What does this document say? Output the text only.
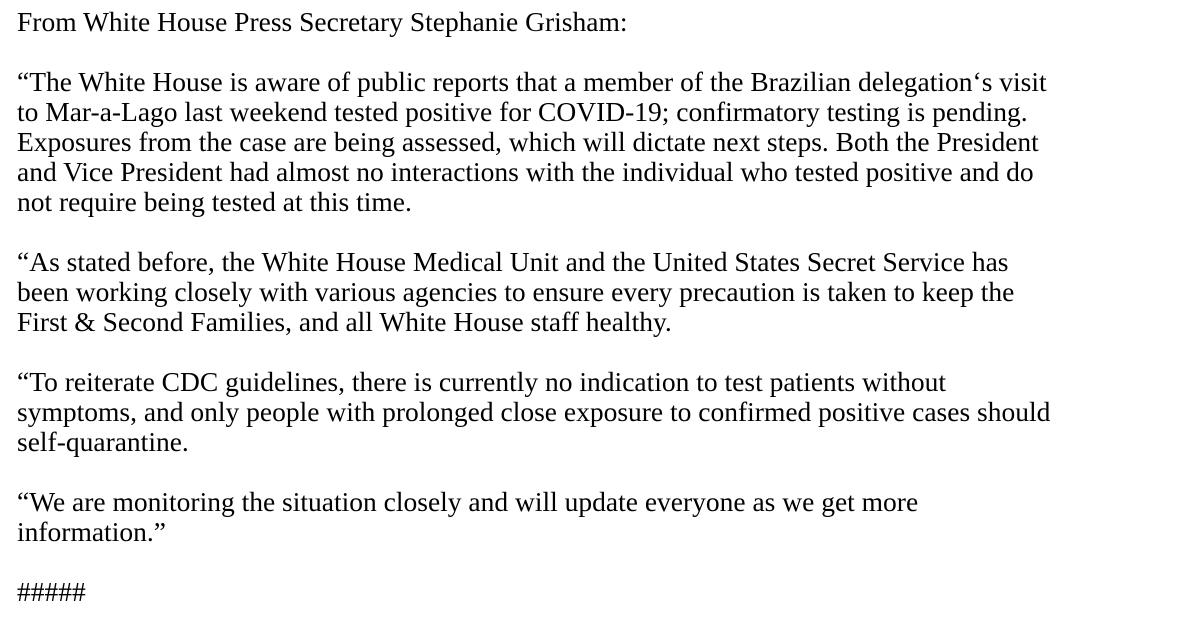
From White House Press Secretary Stephanie Grisham:

“The White House is aware of public reports that a member of the Brazilian delegation‘s visit
to Mar-a-Lago last weekend tested positive for COVID-19; confirmatory testing is pending.
Exposures from the case are being assessed, which will dictate next steps. Both the President
and Vice President had almost no interactions with the individual who tested positive and do
not require being tested at this time.

“As stated before, the White House Medical Unit and the United States Secret Service has
been working closely with various agencies to ensure every precaution is taken to keep the
First & Second Families, and all White House staff healthy.

“To reiterate CDC guidelines, there is currently no indication to test patients without
symptoms, and only people with prolonged close exposure to confirmed positive cases should
self-quarantine.

“We are monitoring the situation closely and will update everyone as we get more
information.”

#####
